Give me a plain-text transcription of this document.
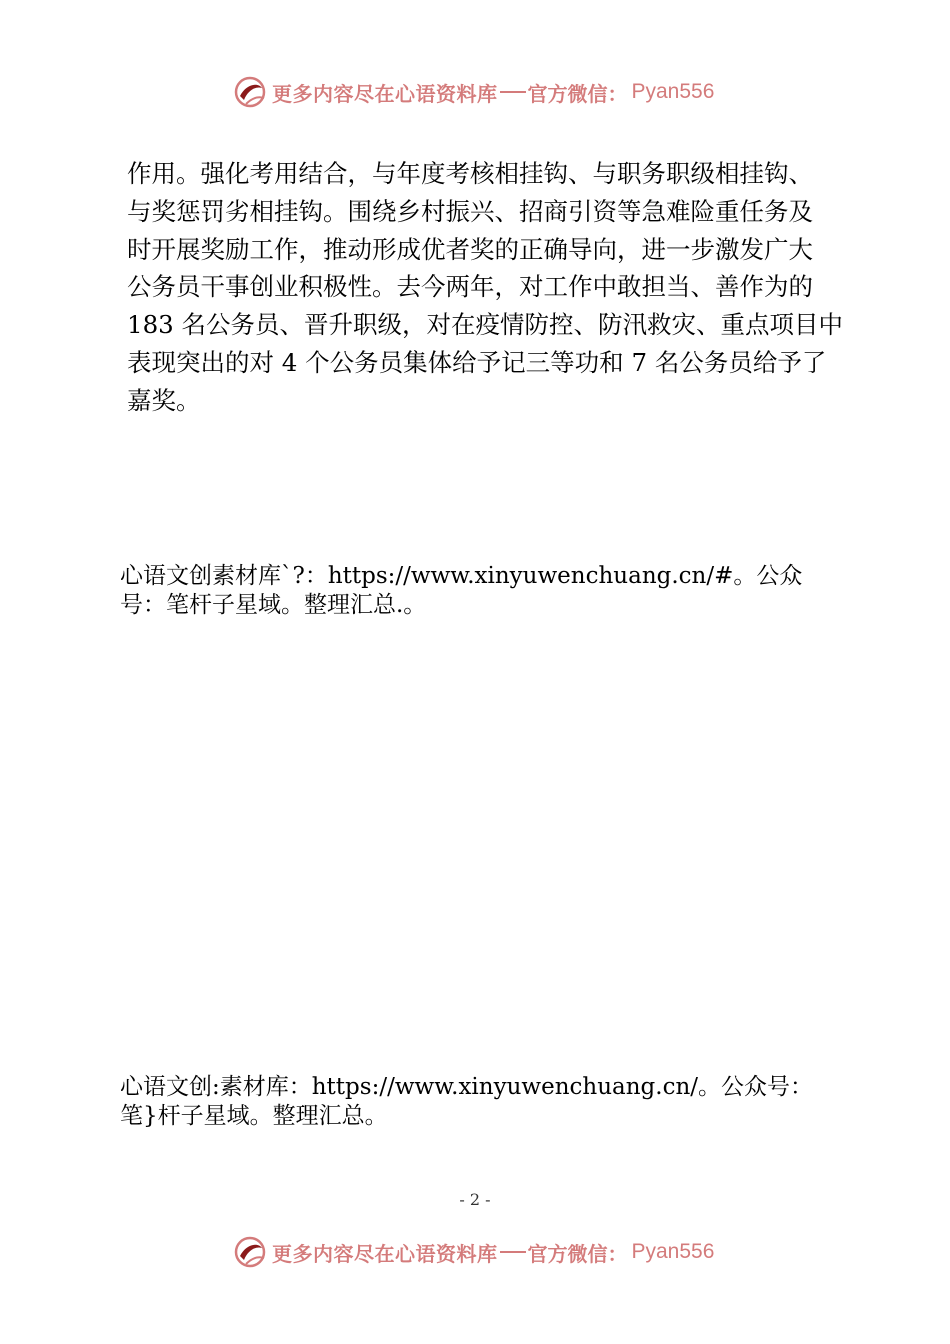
更多内容尽在心语资料库 官方微信： Pyan556
作用。强化考用结合，与年度考核相挂钩、与职务职级相挂钩、
与奖惩罚劣相挂钩。围绕乡村振兴、招商引资等急难险重任务及
时开展奖励工作，推动形成优者奖的正确导向，进一步激发广大
公务员干事创业积极性。去今两年，对工作中敢担当、善作为的
183 名公务员、晋升职级，对在疫情防控、防汛救灾、重点项目中
表现突出的对 4 个公务员集体给予记三等功和 7 名公务员给予了
嘉奖。
心语文创素材库`?：https://www.xinyuwenchuang.cn/#。公众
号：笔杆子星域。整理汇总.。
心语文创:素材库：https://www.xinyuwenchuang.cn/。公众号：
笔}杆子星域。整理汇总。
- 2 -
更多内容尽在心语资料库 官方微信： Pyan556
